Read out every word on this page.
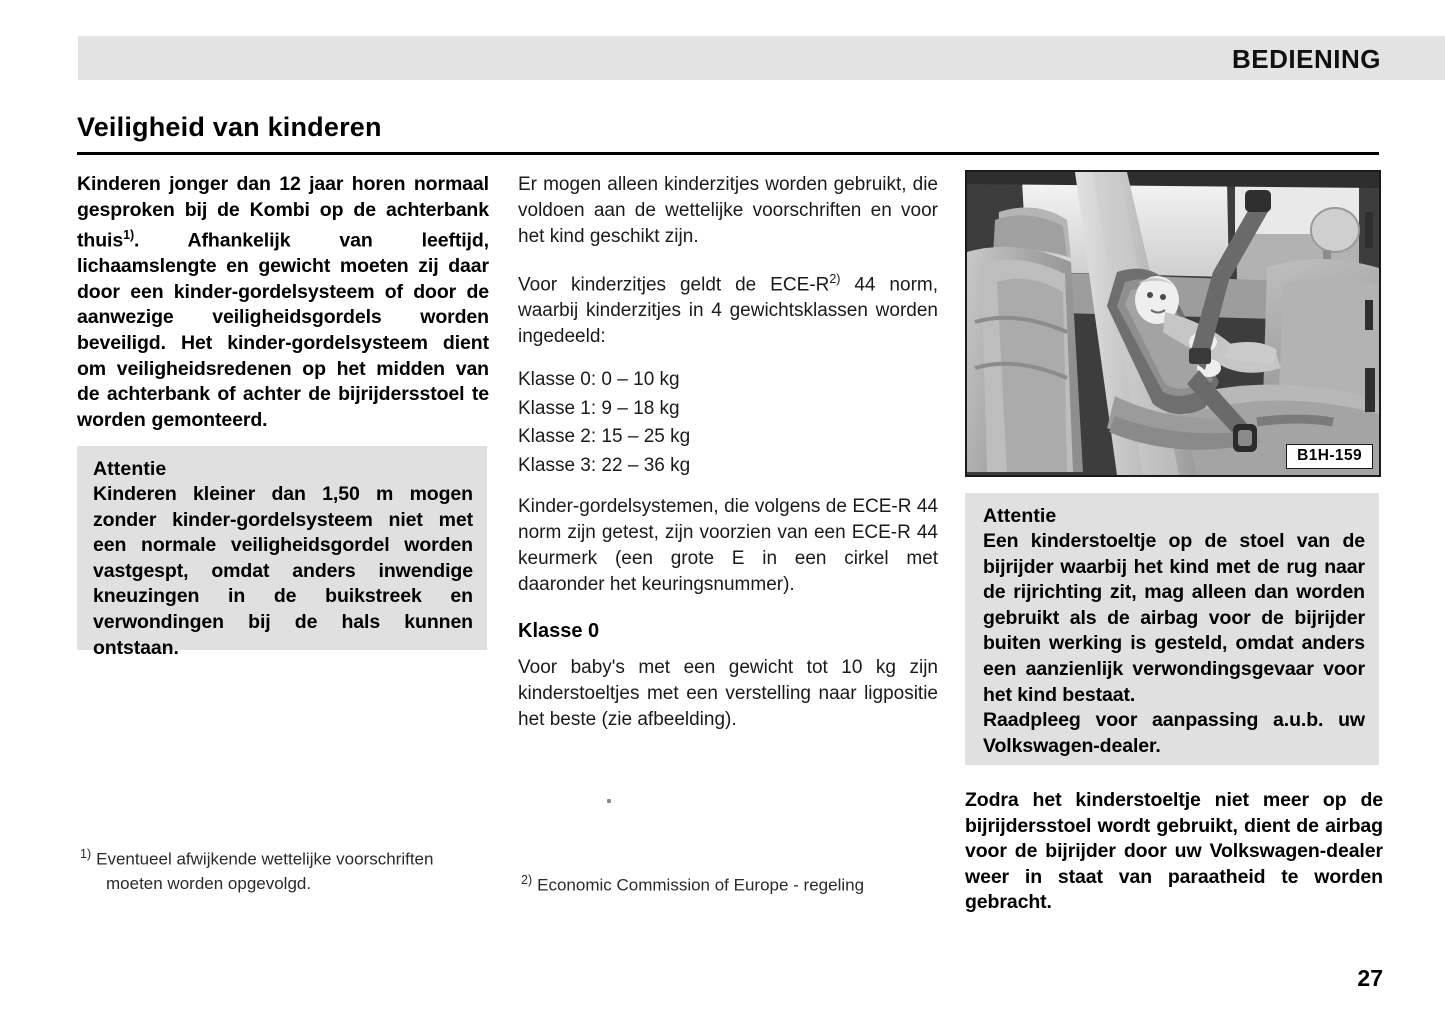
BEDIENING
Veiligheid van kinderen

Kinderen jonger dan 12 jaar horen normaal gesproken bij de Kombi op de achterbank thuis$^{1)}$. Afhankelijk van leeftijd, lichaamslengte en gewicht moeten zij daar door een kinder-gordelsysteem of door de aanwezige veiligheidsgordels worden beveiligd. Het kinder-gordelsysteem dient om veiligheidsredenen op het midden van de achterbank of achter de bijrijdersstoel te worden gemonteerd.

Attentie

Kinderen kleiner dan 1,50 m mogen zonder kinder-gordelsysteem niet met een normale veiligheidsgordel worden vastgespt, omdat anders inwendige kneuzingen in de buikstreek en verwondingen bij de hals kunnen ontstaan.

Er mogen alleen kinderzitjes worden gebruikt, die voldoen aan de wettelijke voorschriften en voor het kind geschikt zijn.

Voor kinderzitjes geldt de ECE-R$^{2)}$ 44 norm, waarbij kinderzitjes in 4 gewichtsklassen worden ingedeeld:

Klasse 0: 0 – 10 kg

Klasse 1: 9 – 18 kg

Klasse 2: 15 – 25 kg

Klasse 3: 22 – 36 kg

Kinder-gordelsystemen, die volgens de ECE-R 44 norm zijn getest, zijn voorzien van een ECE-R 44 keurmerk (een grote E in een cirkel met daaronder het keuringsnummer).

Klasse 0

Voor baby's met een gewicht tot 10 kg zijn kinderstoeltjes met een verstelling naar ligpositie het beste (zie afbeelding).

B1H-159

Attentie

Een kinderstoeltje op de stoel van de bijrijder waarbij het kind met de rug naar de rijrichting zit, mag alleen dan worden gebruikt als de airbag voor de bijrijder buiten werking is gesteld, omdat anders een aanzienlijk verwondingsgevaar voor het kind bestaat.

Raadpleeg voor aanpassing a.u.b. uw Volkswagen-dealer.

Zodra het kinderstoeltje niet meer op de bijrijdersstoel wordt gebruikt, dient de airbag voor de bijrijder door uw Volkswagen-dealer weer in staat van paraatheid te worden gebracht.
$^{1)}$ Eventueel afwijkende wettelijke voorschriften moeten worden opgevolgd.	$^{2)}$ Economic Commission of Europe - regeling
27
